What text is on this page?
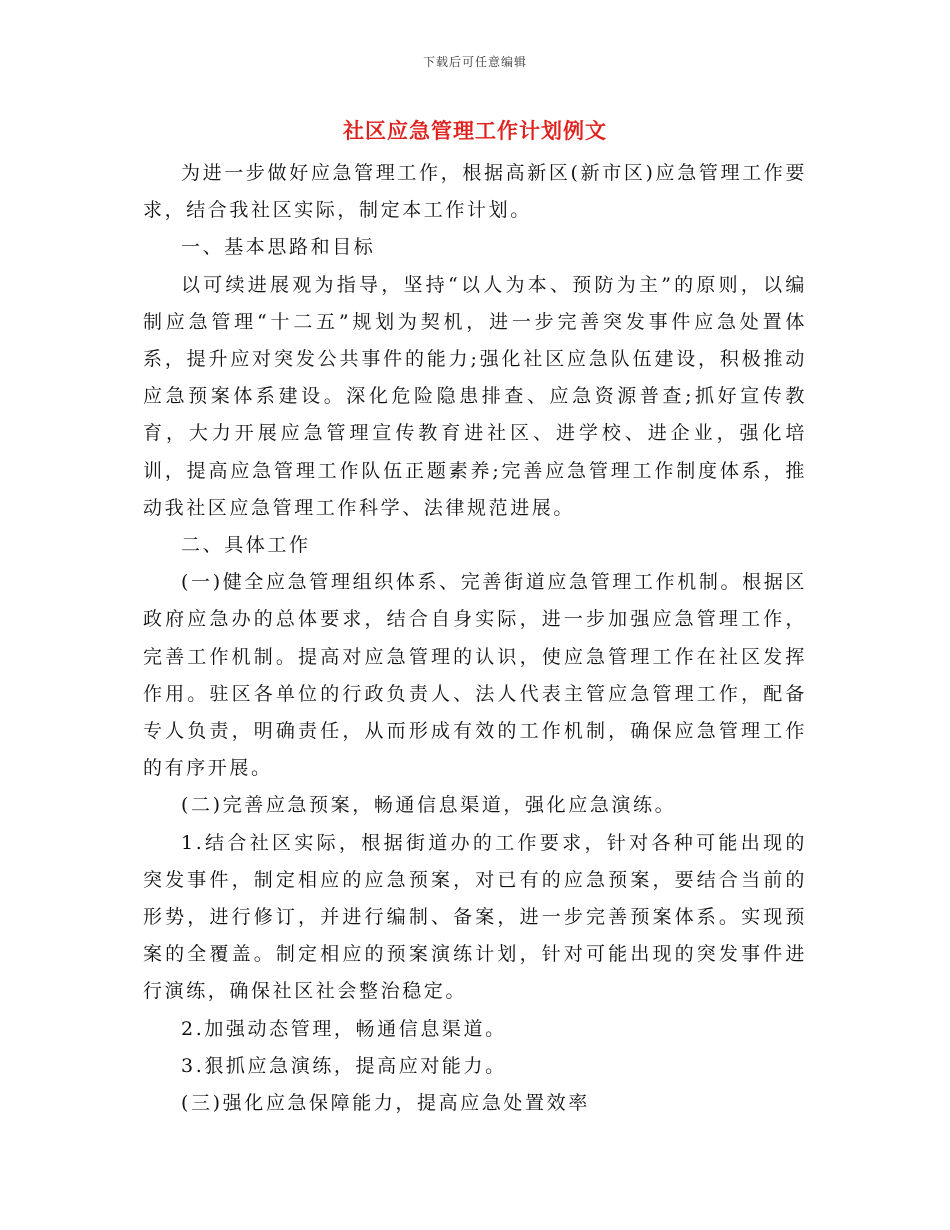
下载后可任意编辑
社区应急管理工作计划例文

为进一步做好应急管理工作，根据高新区(新市区)应急管理工作要求，结合我社区实际，制定本工作计划。

一、基本思路和目标

以可续进展观为指导，坚持“以人为本、预防为主”的原则，以编制应急管理“十二五”规划为契机，进一步完善突发事件应急处置体系，提升应对突发公共事件的能力;强化社区应急队伍建设，积极推动应急预案体系建设。深化危险隐患排查、应急资源普查;抓好宣传教育，大力开展应急管理宣传教育进社区、进学校、进企业，强化培训，提高应急管理工作队伍正题素养;完善应急管理工作制度体系，推动我社区应急管理工作科学、法律规范进展。

二、具体工作

(一)健全应急管理组织体系、完善街道应急管理工作机制。根据区政府应急办的总体要求，结合自身实际，进一步加强应急管理工作，完善工作机制。提高对应急管理的认识，使应急管理工作在社区发挥作用。驻区各单位的行政负责人、法人代表主管应急管理工作，配备专人负责，明确责任，从而形成有效的工作机制，确保应急管理工作的有序开展。

(二)完善应急预案，畅通信息渠道，强化应急演练。

1.结合社区实际，根据街道办的工作要求，针对各种可能出现的突发事件，制定相应的应急预案，对已有的应急预案，要结合当前的形势，进行修订，并进行编制、备案，进一步完善预案体系。实现预案的全覆盖。制定相应的预案演练计划，针对可能出现的突发事件进行演练，确保社区社会整治稳定。

2.加强动态管理，畅通信息渠道。

3.狠抓应急演练，提高应对能力。

(三)强化应急保障能力，提高应急处置效率
